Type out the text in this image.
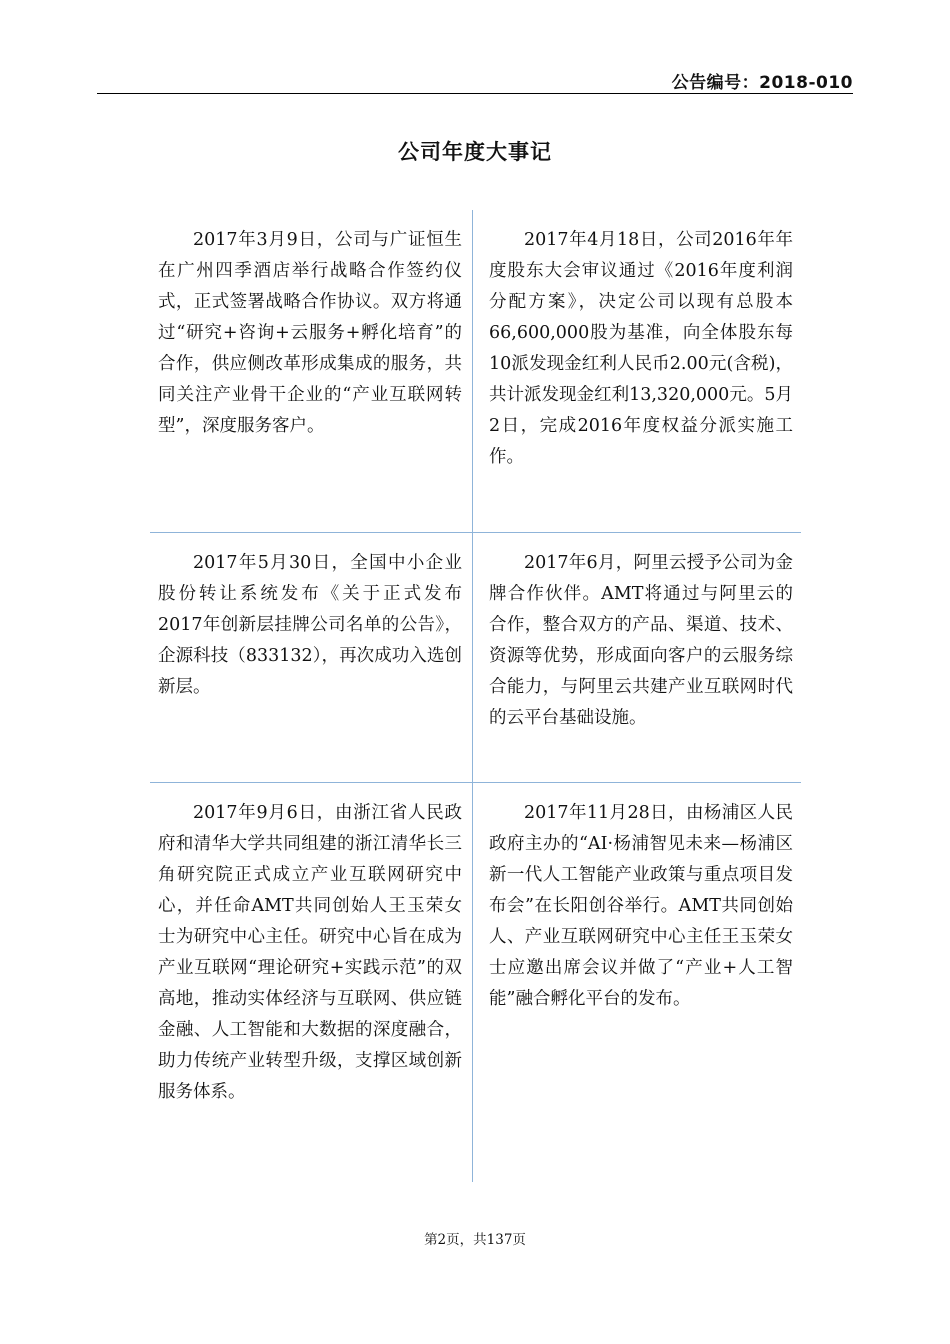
公告编号：2018-010
公司年度大事记

2017年3月9日，公司与广证恒生在广州四季酒店举行战略合作签约仪式，正式签署战略合作协议。双方将通过“研究+咨询+云服务+孵化培育”的合作，供应侧改革形成集成的服务，共同关注产业骨干企业的“产业互联网转型”，深度服务客户。

2017年4月18日，公司2016年年度股东大会审议通过《2016年度利润分配方案》，决定公司以现有总股本66,600,000股为基准，向全体股东每10派发现金红利人民币2.00元(含税)，共计派发现金红利13,320,000元。5月2日，完成2016年度权益分派实施工作。

2017年5月30日，全国中小企业股份转让系统发布《关于正式发布2017年创新层挂牌公司名单的公告》，企源科技（833132），再次成功入选创新层。

2017年6月，阿里云授予公司为金牌合作伙伴。AMT将通过与阿里云的合作，整合双方的产品、渠道、技术、资源等优势，形成面向客户的云服务综合能力，与阿里云共建产业互联网时代的云平台基础设施。

2017年9月6日，由浙江省人民政府和清华大学共同组建的浙江清华长三角研究院正式成立产业互联网研究中心，并任命AMT共同创始人王玉荣女士为研究中心主任。研究中心旨在成为产业互联网“理论研究+实践示范”的双高地，推动实体经济与互联网、供应链金融、人工智能和大数据的深度融合，助力传统产业转型升级，支撑区域创新服务体系。

2017年11月28日，由杨浦区人民政府主办的“AI·杨浦智见未来—杨浦区新一代人工智能产业政策与重点项目发布会”在长阳创谷举行。AMT共同创始人、产业互联网研究中心主任王玉荣女士应邀出席会议并做了“产业+人工智能”融合孵化平台的发布。

第2页，共137页
